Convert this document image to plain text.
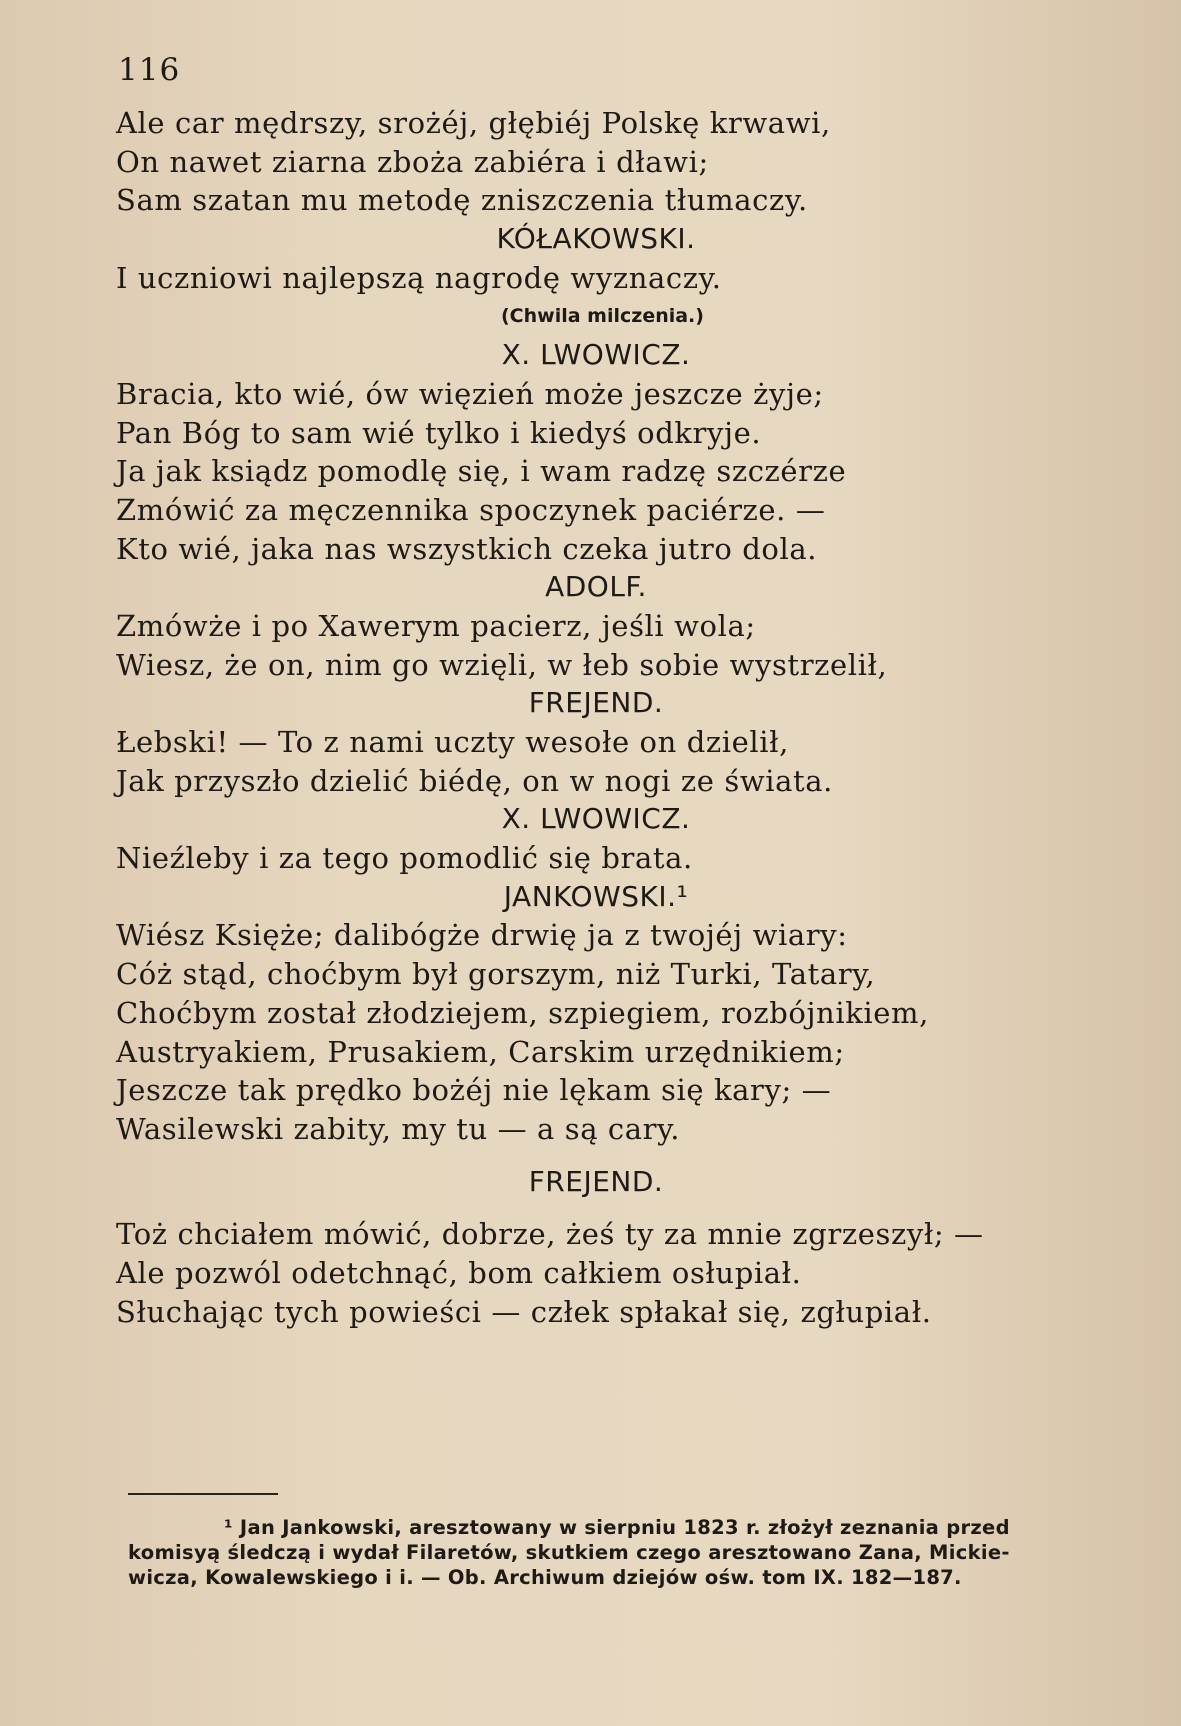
116
Ale car mędrszy, srożéj, głębiéj Polskę krwawi,
On nawet ziarna zboża zabiéra i dławi;
Sam szatan mu metodę zniszczenia tłumaczy.
KÓŁAKOWSKI.
I uczniowi najlepszą nagrodę wyznaczy.
(Chwila milczenia.)
X. LWOWICZ.
Bracia, kto wié, ów więzień może jeszcze żyje;
Pan Bóg to sam wié tylko i kiedyś odkryje.
Ja jak ksiądz pomodlę się, i wam radzę szczérze
Zmówić za męczennika spoczynek paciérze. —
Kto wié, jaka nas wszystkich czeka jutro dola.
ADOLF.
Zmówże i po Xawerym pacierz, jeśli wola;
Wiesz, że on, nim go wzięli, w łeb sobie wystrzelił,
FREJEND.
Łebski! — To z nami uczty wesołe on dzielił,
Jak przyszło dzielić biédę, on w nogi ze świata.
X. LWOWICZ.
Nieźleby i za tego pomodlić się brata.
JANKOWSKI.¹
Wiész Księże; dalibógże drwię ja z twojéj wiary:
Cóż stąd, choćbym był gorszym, niż Turki, Tatary,
Choćbym został złodziejem, szpiegiem, rozbójnikiem,
Austryakiem, Prusakiem, Carskim urzędnikiem;
Jeszcze tak prędko bożéj nie lękam się kary; —
Wasilewski zabity, my tu — a są cary.
FREJEND.
Toż chciałem mówić, dobrze, żeś ty za mnie zgrzeszył; —
Ale pozwól odetchnąć, bom całkiem osłupiał.
Słuchając tych powieści — człek spłakał się, zgłupiał.
¹ Jan Jankowski, aresztowany w sierpniu 1823 r. złożył zeznania przed
komisyą śledczą i wydał Filaretów, skutkiem czego aresztowano Zana, Mickie-
wicza, Kowalewskiego i i. — Ob. Archiwum dziejów ośw. tom IX. 182—187.
